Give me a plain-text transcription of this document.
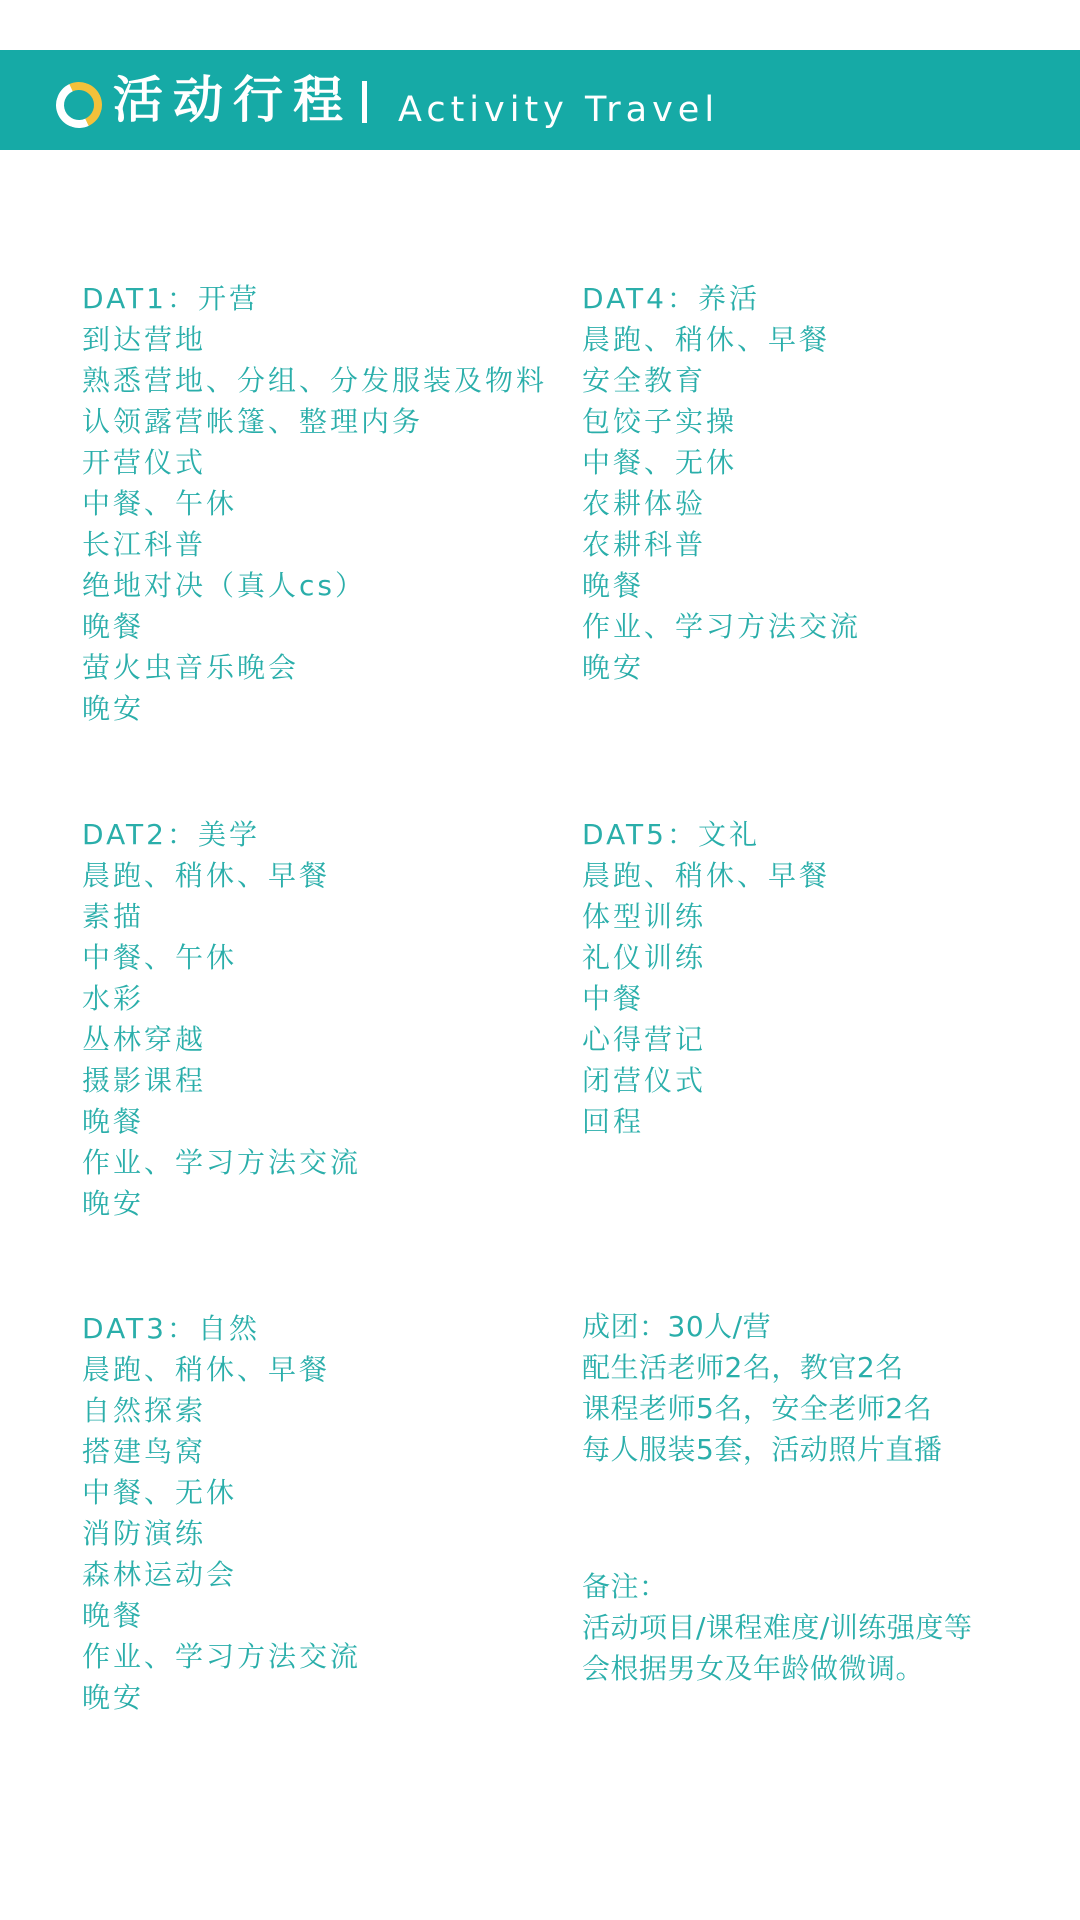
活动行程 Activity Travel
DAT1：开营
到达营地
熟悉营地、分组、分发服装及物料
认领露营帐篷、整理内务
开营仪式
中餐、午休
长江科普
绝地对决（真人cs）
晚餐
萤火虫音乐晚会
晚安
DAT2：美学
晨跑、稍休、早餐
素描
中餐、午休
水彩
丛林穿越
摄影课程
晚餐
作业、学习方法交流
晚安
DAT3：自然
晨跑、稍休、早餐
自然探索
搭建鸟窝
中餐、无休
消防演练
森林运动会
晚餐
作业、学习方法交流
晚安
DAT4：养活
晨跑、稍休、早餐
安全教育
包饺子实操
中餐、无休
农耕体验
农耕科普
晚餐
作业、学习方法交流
晚安
DAT5：文礼
晨跑、稍休、早餐
体型训练
礼仪训练
中餐
心得营记
闭营仪式
回程
成团：30人/营
配生活老师2名，教官2名
课程老师5名，安全老师2名
每人服装5套，活动照片直播
备注：
活动项目/课程难度/训练强度等
会根据男女及年龄做微调。
